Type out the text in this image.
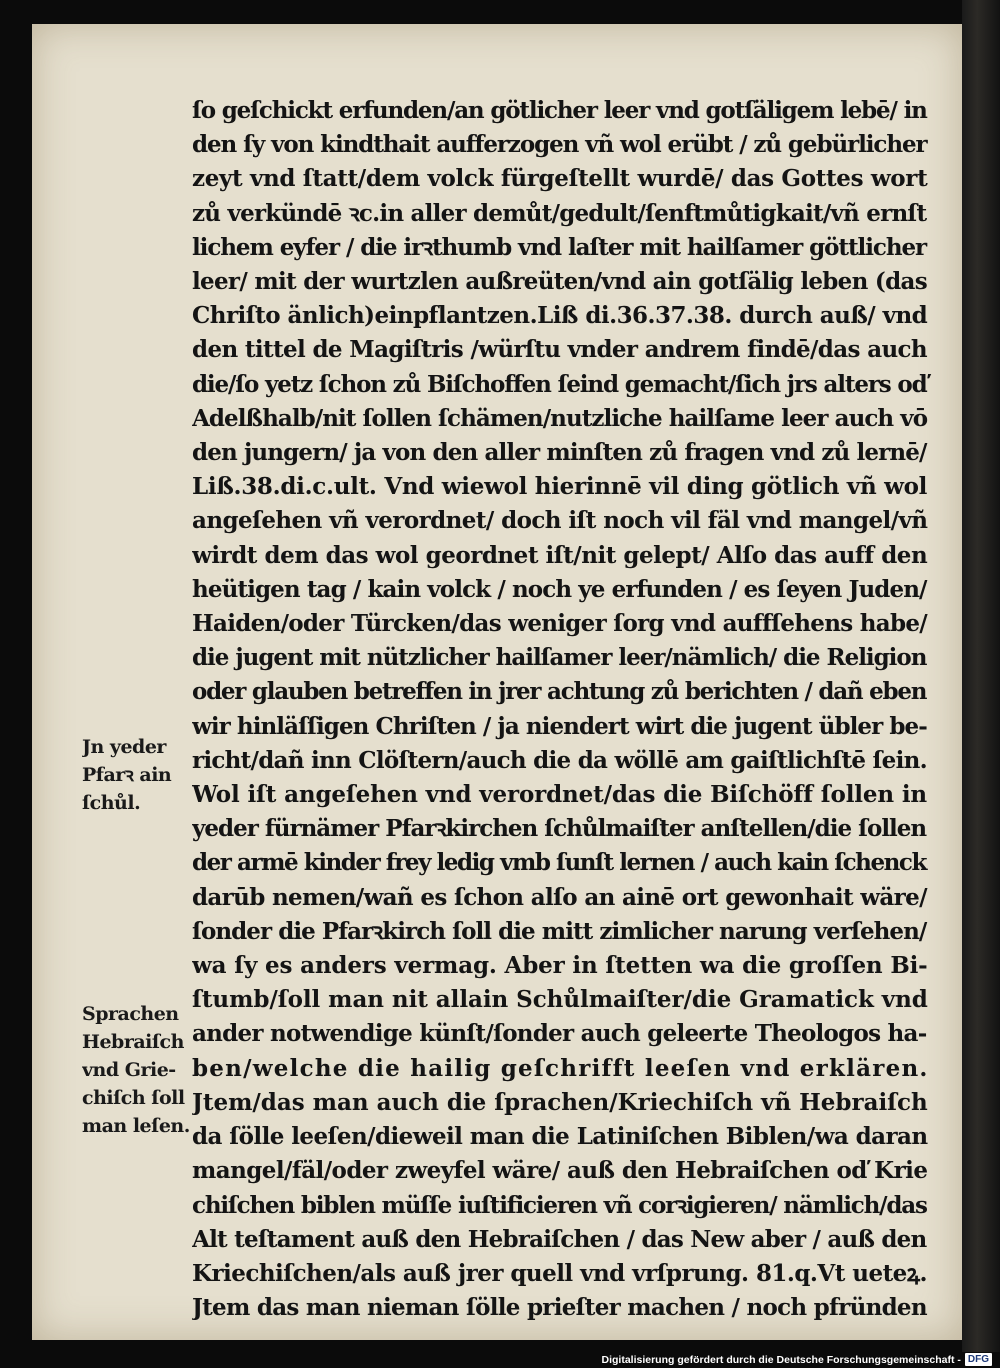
ſo geſchickt erfunden/an götlicher leer vnd gotſäligem lebē/ in
den ſy von kindthait aufferzogen vñ wol erübt / zů gebürlicher
zeyt vnd ſtatt/dem volck fürgeſtellt wurdē/ das Gottes wort
zů verkündē ꝛc.in aller demůt/gedult/ſenftmůtigkait/vñ ernſt
lichem eyfer / die irꝛthumb vnd laſter mit hailſamer göttlicher
leer/ mit der wurtzlen außreüten/vnd ain gotſälig leben (das
Chriſto änlich)einpflantzen.Liß di.36.37.38. durch auß/ vnd
den tittel de Magiſtris /würſtu vnder andrem findē/das auch
die/ſo yetz ſchon zů Biſchoffen ſeind gemacht/ſich jrs alters oď
Adelßhalb/nit ſollen ſchämen/nutzliche hailſame leer auch vō
den jungern/ ja von den aller minſten zů fragen vnd zů lernē/
Liß.38.di.c.ult. Vnd wiewol hierinnē vil ding götlich vñ wol
angeſehen vñ verordnet/ doch iſt noch vil fäl vnd mangel/vñ
wirdt dem das wol geordnet iſt/nit gelept/ Alſo das auff den
heütigen tag / kain volck / noch ye erfunden / es ſeyen Juden/
Haiden/oder Türcken/das weniger ſorg vnd auffſehens habe/
die jugent mit nützlicher hailſamer leer/nämlich/ die Religion
oder glauben betreffen in jrer achtung zů berichten / dañ eben
wir hinläſſigen Chriſten / ja niendert wirt die jugent übler be-
richt/dañ inn Clöſtern/auch die da wöllē am gaiſtlichſtē ſein.
Wol iſt angeſehen vnd verordnet/das die Biſchöff ſollen in
yeder fürnämer Pfarꝛkirchen ſchůlmaiſter anſtellen/die ſollen
der armē kinder frey ledig vmb ſunſt lernen / auch kain ſchenck
darūb nemen/wañ es ſchon alſo an ainē ort gewonhait wäre/
ſonder die Pfarꝛkirch ſoll die mitt zimlicher narung verſehen/
wa ſy es anders vermag. Aber in ſtetten wa die groſſen Bi-
ſtumb/ſoll man nit allain Schůlmaiſter/die Gramatick vnd
ander notwendige künſt/ſonder auch geleerte Theologos ha-
ben/welche die hailig geſchrifft leeſen vnd erklären.
Jtem/das man auch die ſprachen/Kriechiſch vñ Hebraiſch
da ſölle leeſen/dieweil man die Latiniſchen Biblen/wa daran
mangel/fäl/oder zweyfel wäre/ auß den Hebraiſchen oď Krie
chiſchen biblen müſſe iuſtificieren vñ corꝛigieren/ nämlich/das
Alt teſtament auß den Hebraiſchen / das New aber / auß den
Kriechiſchen/als auß jrer quell vnd vrſprung. 81.q.Vt ueteꝝ.
Jtem das man nieman ſölle prieſter machen / noch pfründen
Jn yeder
Pfarꝛ ain
ſchůl.
Sprachen
Hebraiſch
vnd Grie-
chiſch ſoll
man leſen.
Digitalisierung gefördert durch die Deutsche Forschungsgemeinschaft - DFG
